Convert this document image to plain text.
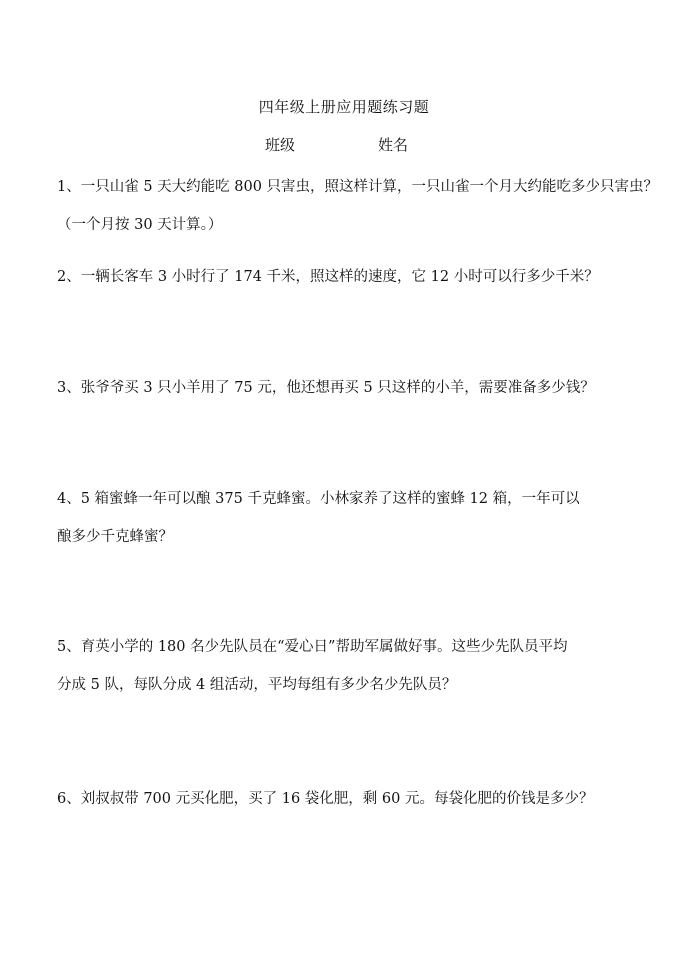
四年级上册应用题练习题
班级	姓名
1、一只山雀 5 天大约能吃 800 只害虫，照这样计算，一只山雀一个月大约能吃多少只害虫？
（一个月按 30 天计算。）
2、一辆长客车 3 小时行了 174 千米，照这样的速度，它 12 小时可以行多少千米？
3、张爷爷买 3 只小羊用了 75 元，他还想再买 5 只这样的小羊，需要准备多少钱？
4、5 箱蜜蜂一年可以酿 375 千克蜂蜜。小林家养了这样的蜜蜂 12 箱，一年可以
酿多少千克蜂蜜？
5、育英小学的 180 名少先队员在“爱心日”帮助军属做好事。这些少先队员平均
分成 5 队，每队分成 4 组活动，平均每组有多少名少先队员？
6、刘叔叔带 700 元买化肥，买了 16 袋化肥，剩 60 元。每袋化肥的价钱是多少？
